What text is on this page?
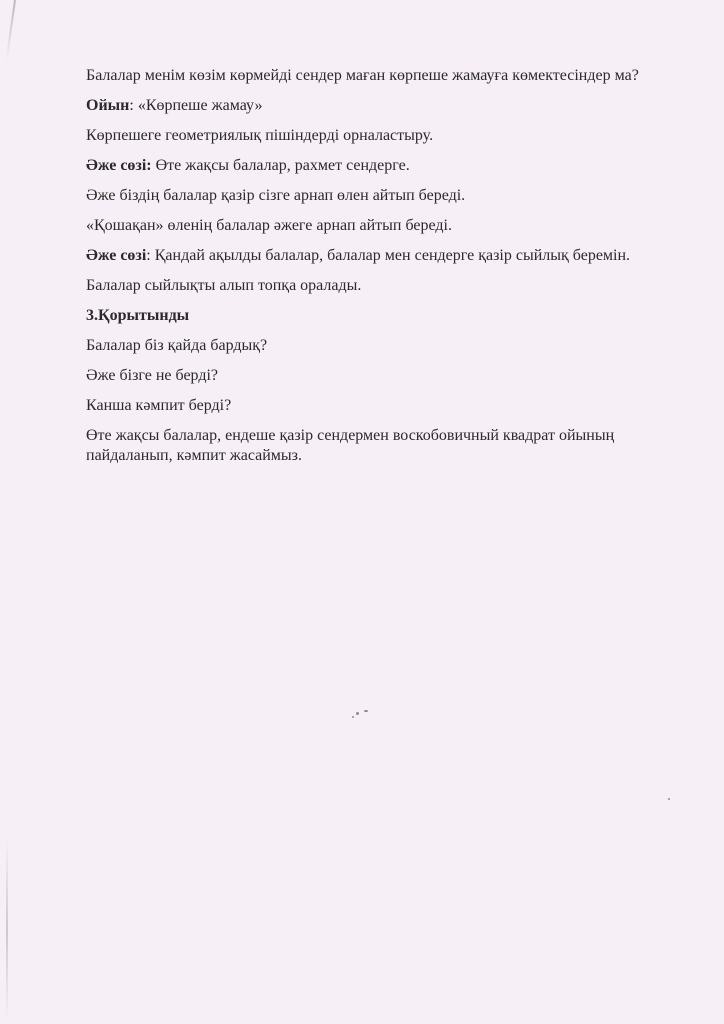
Балалар менім көзім көрмейді сендер маған көрпеше жамауға көмектесіндер ма?

Ойын: «Көрпеше жамау»

Көрпешеге геометриялық пішіндерді орналастыру.

Әже сөзі: Өте жақсы балалар, рахмет сендерге.

Әже біздің балалар қазір сізге арнап өлен айтып береді.

«Қошақан» өленің балалар әжеге арнап айтып береді.

Әже сөзі: Қандай ақылды балалар, балалар мен сендерге қазір сыйлық беремін.

Балалар сыйлықты алып топқа оралады.

3.Қорытынды

Балалар біз қайда бардық?

Әже бізге не берді?

Канша кәмпит берді?

Өте жақсы балалар, ендеше қазір сендермен воскобовичный квадрат ойының пайдаланып, кәмпит жасаймыз.
